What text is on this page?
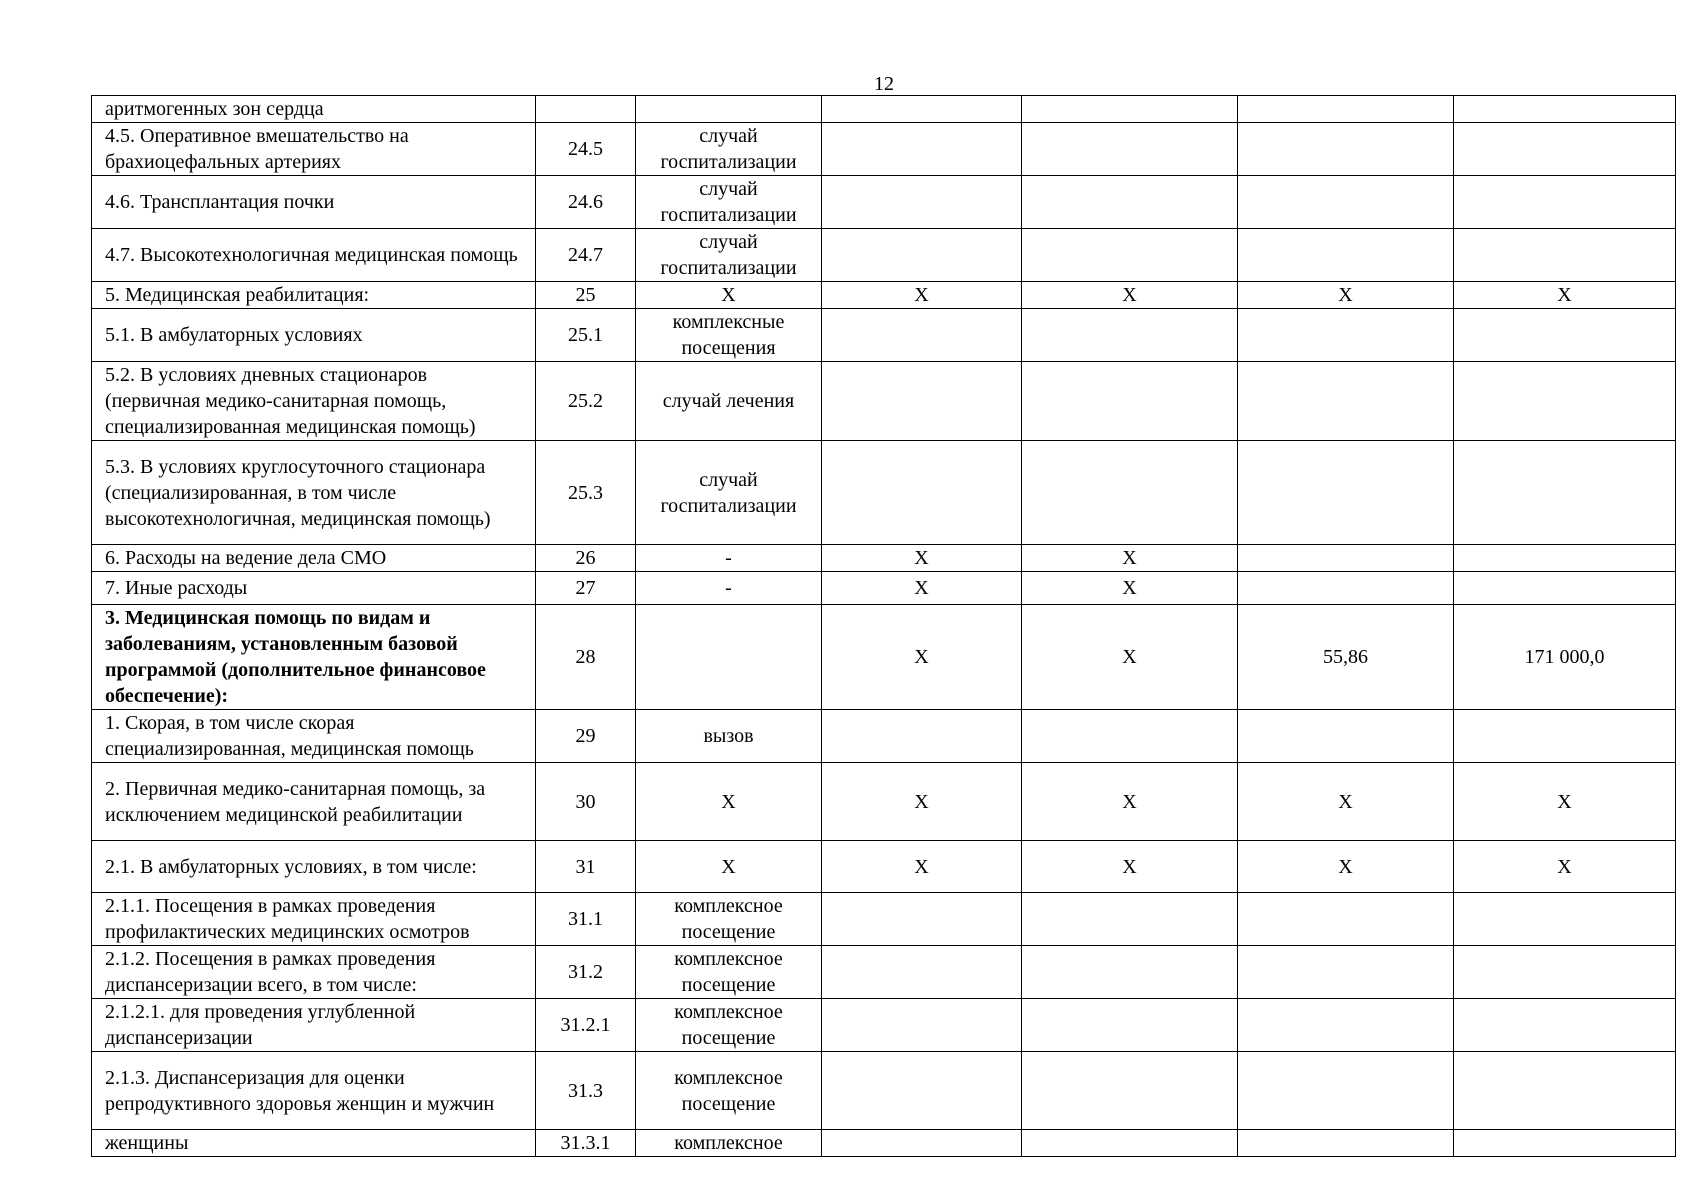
12
аритмогенных зон сердца						
4.5. Оперативное вмешательство на брахиоцефальных артериях	24.5	случай госпитализации				
4.6. Трансплантация почки	24.6	случай госпитализации				
4.7. Высокотехнологичная медицинская помощь	24.7	случай госпитализации				
5. Медицинская реабилитация:	25	Х	Х	Х	Х	Х
5.1. В амбулаторных условиях	25.1	комплексные посещения				
5.2. В условиях дневных стационаров (первичная медико-санитарная помощь, специализированная медицинская помощь)	25.2	случай лечения				
5.3. В условиях круглосуточного стационара (специализированная, в том числе высокотехнологичная, медицинская помощь)	25.3	случай госпитализации				
6. Расходы на ведение дела СМО	26	-	Х	Х		
7. Иные расходы	27	-	Х	Х		
3. Медицинская помощь по видам и заболеваниям, установленным базовой программой (дополнительное финансовое обеспечение):	28		Х	Х	55,86	171 000,0
1. Скорая, в том числе скорая специализированная, медицинская помощь	29	вызов				
2. Первичная медико-санитарная помощь, за исключением медицинской реабилитации	30	Х	Х	Х	Х	Х
2.1. В амбулаторных условиях, в том числе:	31	Х	Х	Х	Х	Х
2.1.1. Посещения в рамках проведения профилактических медицинских осмотров	31.1	комплексное посещение				
2.1.2. Посещения в рамках проведения диспансеризации всего, в том числе:	31.2	комплексное посещение				
2.1.2.1. для проведения углубленной диспансеризации	31.2.1	комплексное посещение				
2.1.3. Диспансеризация для оценки репродуктивного здоровья женщин и мужчин	31.3	комплексное посещение				
женщины	31.3.1	комплексное				
